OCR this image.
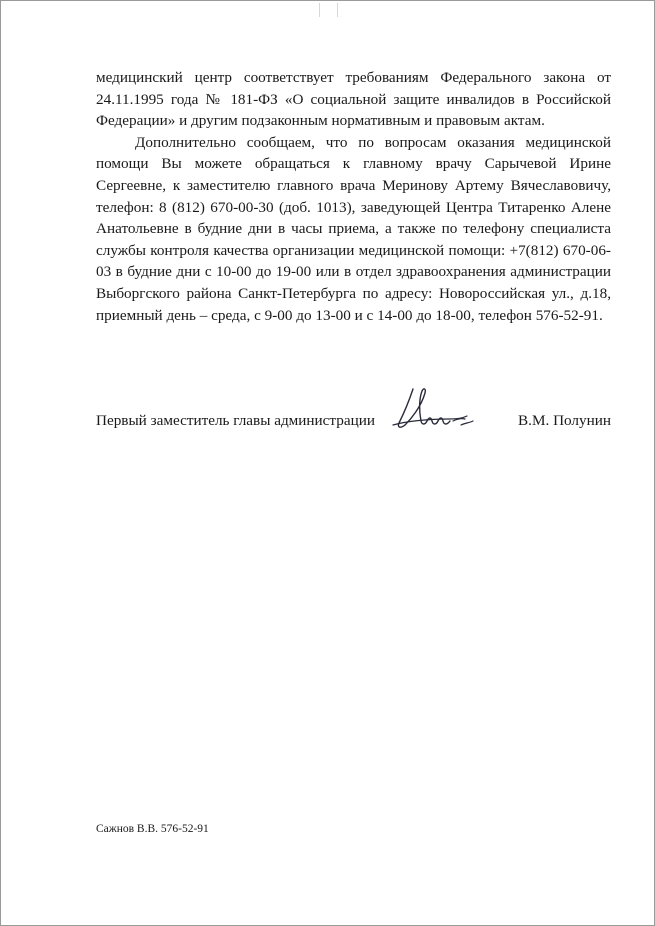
медицинский центр соответствует требованиям Федерального закона от 24.11.1995 года № 181-ФЗ «О социальной защите инвалидов в Российской Федерации» и другим подзаконным нормативным и правовым актам.

Дополнительно сообщаем, что по вопросам оказания медицинской помощи Вы можете обращаться к главному врачу Сарычевой Ирине Сергеевне, к заместителю главного врача Меринову Артему Вячеславовичу, телефон: 8 (812) 670-00-30 (доб. 1013), заведующей Центра Титаренко Алене Анатольевне в будние дни в часы приема, а также по телефону специалиста службы контроля качества организации медицинской помощи: +7(812) 670-06-03 в будние дни с 10-00 до 19-00 или в отдел здравоохранения администрации Выборгского района Санкт-Петербурга по адресу: Новороссийская ул., д.18, приемный день – среда, с 9-00 до 13-00 и с 14-00 до 18-00, телефон 576-52-91.

Первый заместитель главы администрации	В.М. Полунин
Сажнов В.В. 576-52-91
